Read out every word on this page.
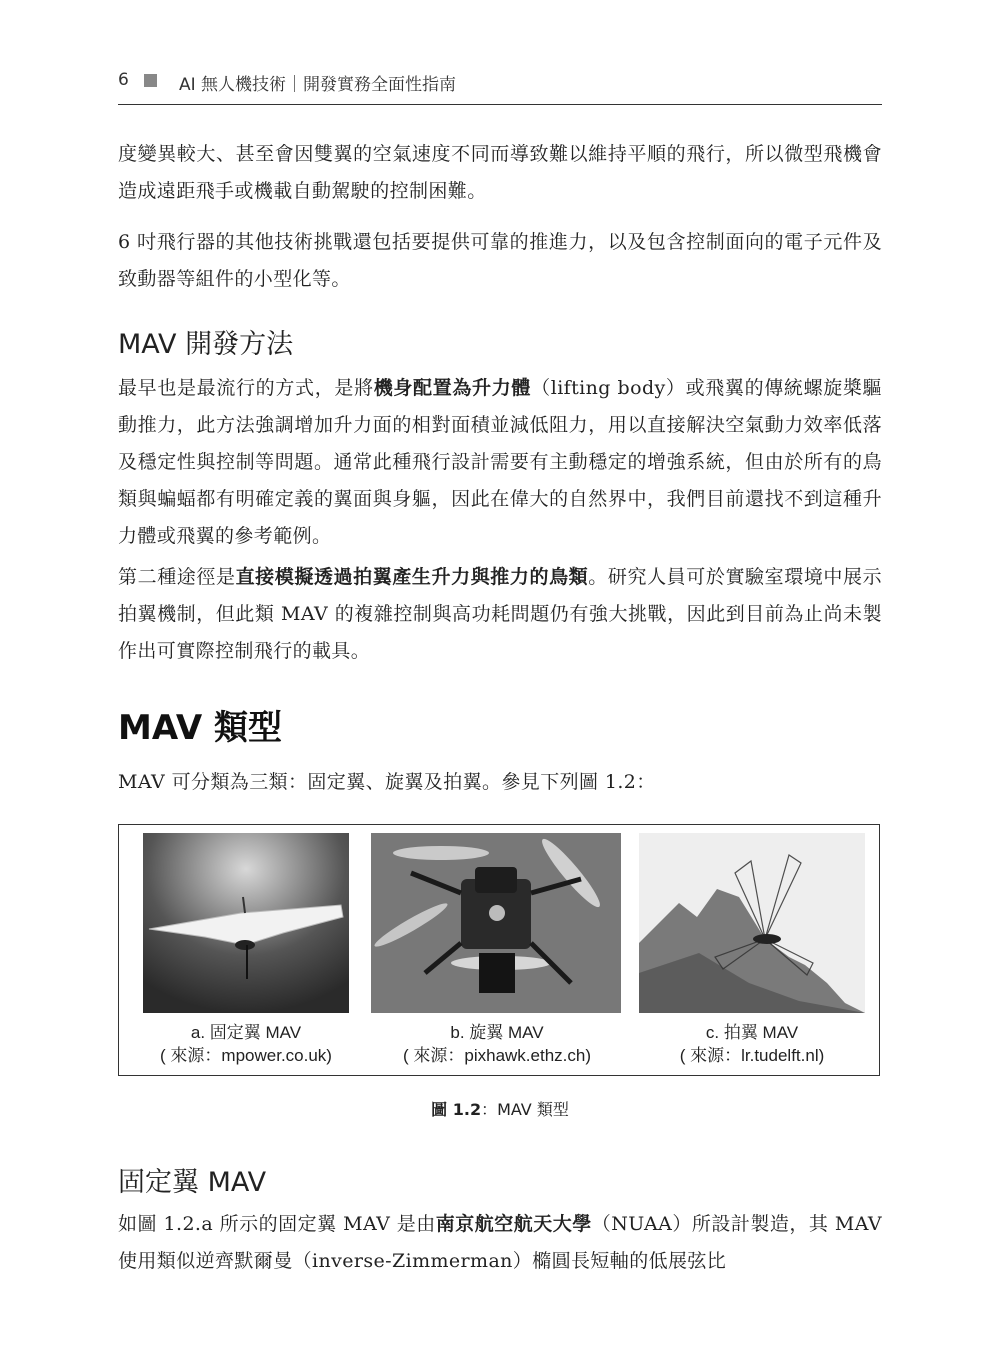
6	AI 無人機技術｜開發實務全面性指南

度變異較大、甚至會因雙翼的空氣速度不同而導致難以維持平順的飛行，所以微型飛機會造成遠距飛手或機載自動駕駛的控制困難。

6 吋飛行器的其他技術挑戰還包括要提供可靠的推進力，以及包含控制面向的電子元件及致動器等組件的小型化等。

MAV 開發方法

最早也是最流行的方式，是將機身配置為升力體（lifting body）或飛翼的傳統螺旋槳驅動推力，此方法強調增加升力面的相對面積並減低阻力，用以直接解決空氣動力效率低落及穩定性與控制等問題。通常此種飛行設計需要有主動穩定的增強系統，但由於所有的鳥類與蝙蝠都有明確定義的翼面與身軀，因此在偉大的自然界中，我們目前還找不到這種升力體或飛翼的參考範例。

第二種途徑是直接模擬透過拍翼產生升力與推力的鳥類。研究人員可於實驗室環境中展示拍翼機制，但此類 MAV 的複雜控制與高功耗問題仍有強大挑戰，因此到目前為止尚未製作出可實際控制飛行的載具。

MAV 類型

MAV 可分類為三類：固定翼、旋翼及拍翼。參見下列圖 1.2：

a. 固定翼 MAV
( 來源：mpower.co.uk)
b. 旋翼 MAV
( 來源：pixhawk.ethz.ch)
c. 拍翼 MAV
( 來源：lr.tudelft.nl)
圖 1.2：MAV 類型
固定翼 MAV

如圖 1.2.a 所示的固定翼 MAV 是由南京航空航天大學（NUAA）所設計製造，其 MAV 使用類似逆齊默爾曼（inverse-Zimmerman）橢圓長短軸的低展弦比
